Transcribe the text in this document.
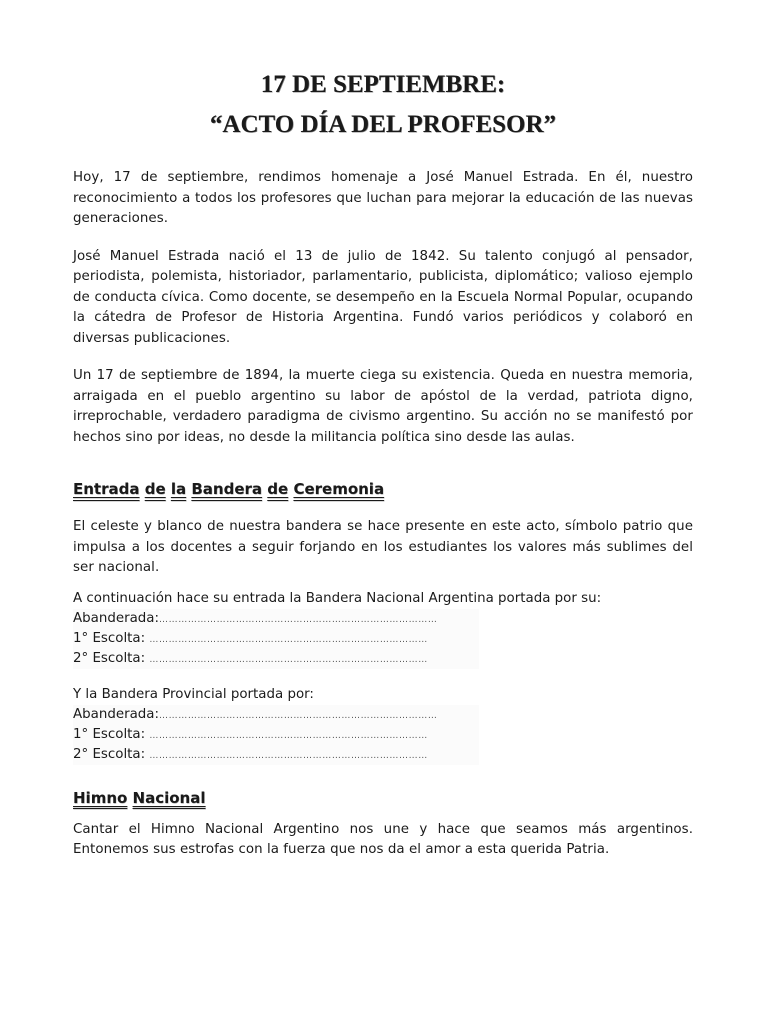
17 DE SEPTIEMBRE:
“ACTO DÍA DEL PROFESOR”

Hoy, 17 de septiembre, rendimos homenaje a José Manuel Estrada. En él, nuestro reconocimiento a todos los profesores que luchan para mejorar la educación de las nuevas generaciones.

José Manuel Estrada nació el 13 de julio de 1842. Su talento conjugó al pensador, periodista, polemista, historiador, parlamentario, publicista, diplomático; valioso ejemplo de conducta cívica. Como docente, se desempeño en la Escuela Normal Popular, ocupando la cátedra de Profesor de Historia Argentina. Fundó varios periódicos y colaboró en diversas publicaciones.

Un 17 de septiembre de 1894, la muerte ciega su existencia. Queda en nuestra memoria, arraigada en el pueblo argentino su labor de apóstol de la verdad, patriota digno, irreprochable, verdadero paradigma de civismo argentino. Su acción no se manifestó por hechos sino por ideas, no desde la militancia política sino desde las aulas.

Entrada de la Bandera de Ceremonia

El celeste y blanco de nuestra bandera se hace presente en este acto, símbolo patrio que impulsa a los docentes a seguir forjando en los estudiantes los valores más sublimes del ser nacional.

A continuación hace su entrada la Bandera Nacional Argentina portada por su:

Abanderada:……………………………………………………………………………
1° Escolta: ……………………………………………………………………………
2° Escolta: ……………………………………………………………………………

Y la Bandera Provincial portada por:

Abanderada:……………………………………………………………………………
1° Escolta: ……………………………………………………………………………
2° Escolta: ……………………………………………………………………………
Himno Nacional

Cantar el Himno Nacional Argentino nos une y hace que seamos más argentinos. Entonemos sus estrofas con la fuerza que nos da el amor a esta querida Patria.
